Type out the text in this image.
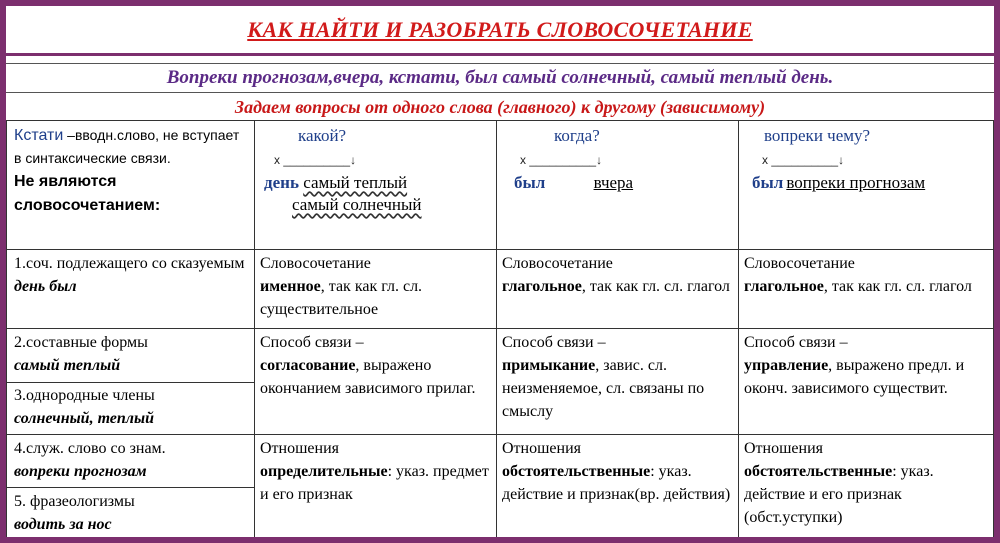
КАК НАЙТИ И РАЗОБРАТЬ СЛОВОСОЧЕТАНИЕ
Вопреки прогнозам,вчера, кстати, был самый солнечный, самый теплый день.
Задаем вопросы от одного слова (главного) к другому (зависимому)
Кстати –вводн.слово, не вступает в синтаксические связи.
Не являются словосочетанием:
какой?
х __________↓
день самый теплый
самый солнечный
когда?
х __________↓
был	вчера
вопреки чему?
х __________↓
был вопреки прогнозам
1.соч. подлежащего со сказуемым
день был
Словосочетание
именное, так как гл. сл. существительное
Словосочетание
глагольное, так как гл. сл. глагол
Словосочетание
глагольное, так как гл. сл. глагол
2.составные формы
самый теплый
3.однородные члены
солнечный, теплый
Способ связи –
согласование, выражено окончанием зависимого прилаг.
Способ связи –
примыкание, завис. сл. неизменяемое, сл. связаны по смыслу
Способ связи –
управление, выражено предл. и оконч. зависимого существит.
4.служ. слово со знам.
вопреки прогнозам
5. фразеологизмы
водить за нос
Отношения
определительные: указ. предмет и его признак
Отношения
обстоятельственные: указ. действие и признак(вр. действия)
Отношения
обстоятельственные: указ. действие и его признак (обст.уступки)
